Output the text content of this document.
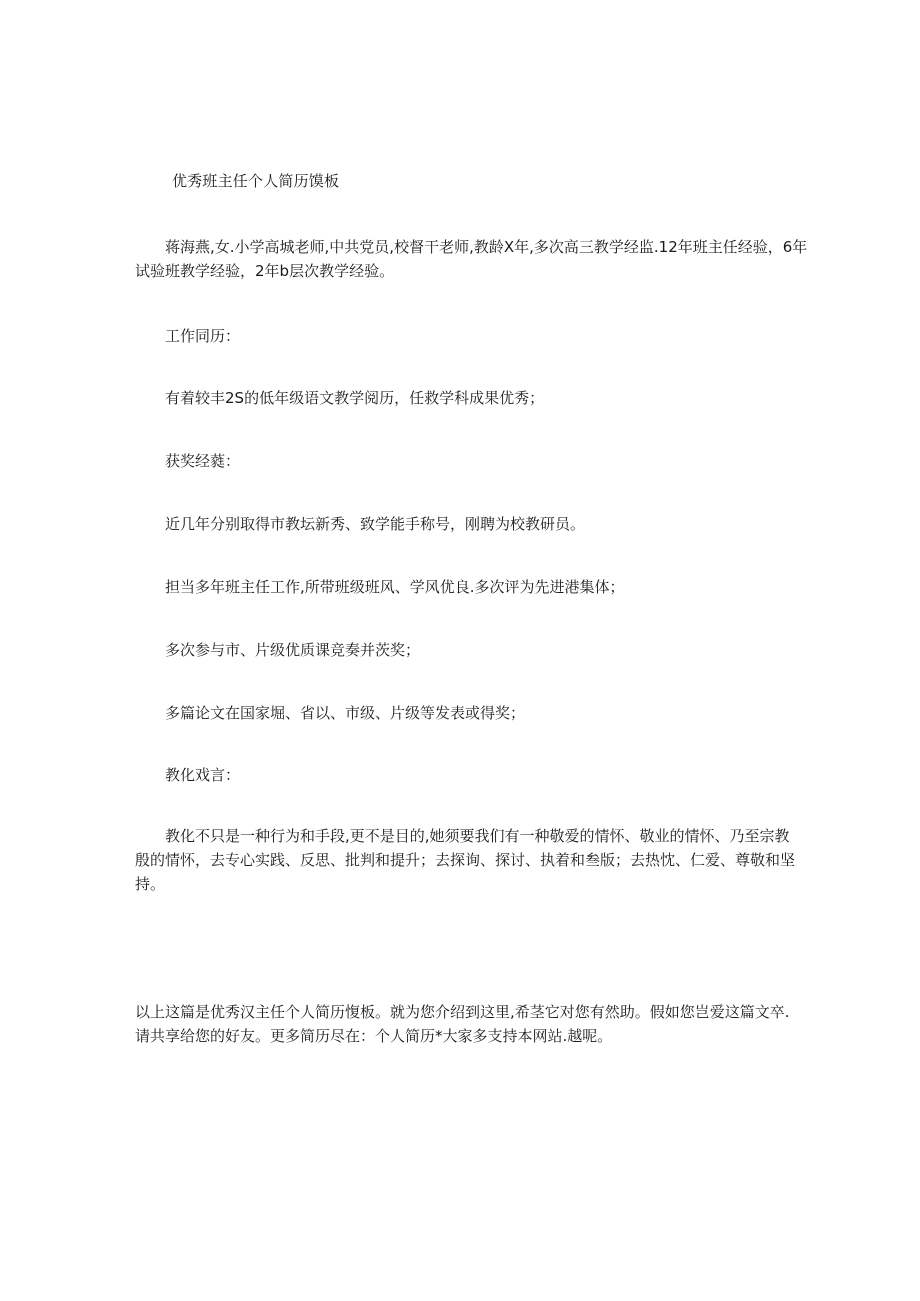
优秀班主任个人简历馍板

蒋海燕,女.小学高城老师,中共党员,校督干老师,教龄X年,多次高三教学经监.12年班主任经验，6年
试验班教学经验，2年b层次教学经验。

工作同历：

有着较丰2S的低年级语文教学阅历，任救学科成果优秀；

获奖经蕤：

近几年分别取得市教坛新秀、致学能手称号，刚聘为校教研员。

担当多年班主任工作,所带班级班风、学风优良.多次评为先进港集体；

多次参与市、片级优质课竞奏并茨奖；

多篇论文在国家堀、省以、市级、片级等发表或得奖；

教化戏言：

教化不只是一种行为和手段,更不是目的,她须要我们有一种敬爱的情怀、敬业的情怀、乃至宗教
殷的情怀，去专心实践、反思、批判和提升；去探询、探讨、执着和叁版；去热忱、仁爱、尊敬和坚
持。
以上这篇是优秀汉主任个人简历愎板。就为您介绍到这里,希茎它对您有然助。假如您岂爱这篇文卒.
请共享给您的好友。更多简历尽在：个人简历*大家多支持本网站.越呢。
